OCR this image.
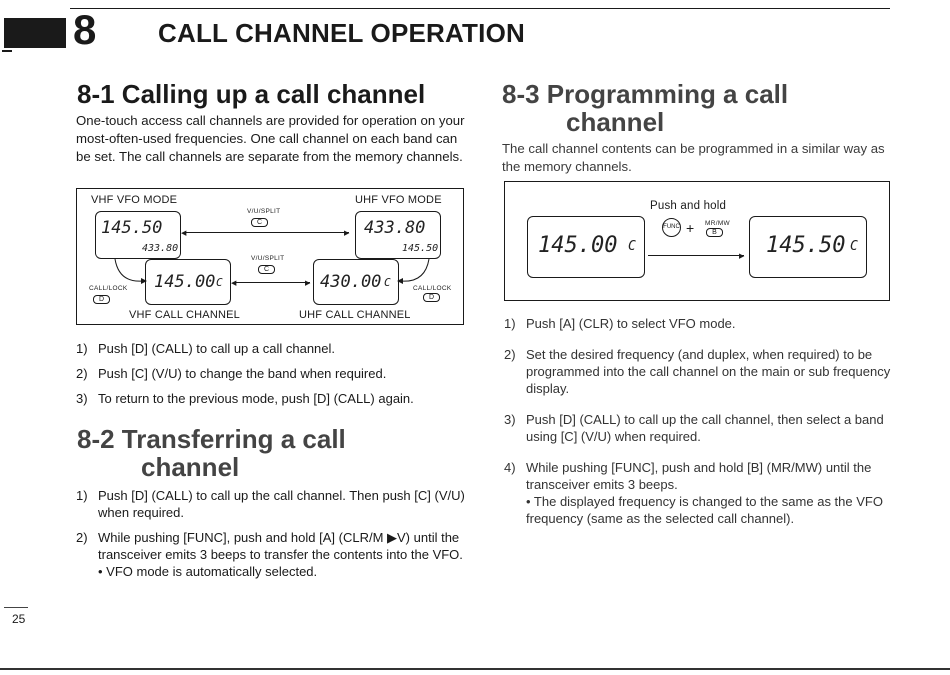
8 CALL CHANNEL OPERATION
8-1 Calling up a call channel
One-touch access call channels are provided for operation on your most-often-used frequencies. One call channel on each band can be set. The call channels are separate from the memory channels.
VHF VFO MODE	UHF VFO MODE
145.50
433.80
V/U/SPLIT
C
◀	▶ 433.80
145.50
145.00 C
V/U/SPLIT
C
◀	▶ 430.00 C
CALL/LOCK
D
CALL/LOCK
D
VHF CALL CHANNEL	UHF CALL CHANNEL
1) Push [D] (CALL) to call up a call channel.
2) Push [C] (V/U) to change the band when required.
3) To return to the previous mode, push [D] (CALL) again.
8-2 Transferring a call
channel
1) Push [D] (CALL) to call up the call channel. Then push [C] (V/U) when required.
2) While pushing [FUNC], push and hold [A] (CLR/M ▶V) until the transceiver emits 3 beeps to transfer the contents into the VFO.
• VFO mode is automatically selected.
8-3 Programming a call
channel
The call channel contents can be programmed in a similar way as the memory channels.
Push and hold
145.00 C
FUNC + MR/MW
B
▶ 145.50 C
1) Push [A] (CLR) to select VFO mode.
2) Set the desired frequency (and duplex, when required) to be programmed into the call channel on the main or sub frequency display.
3) Push [D] (CALL) to call up the call channel, then select a band using [C] (V/U) when required.
4) While pushing [FUNC], push and hold [B] (MR/MW) until the transceiver emits 3 beeps.
• The displayed frequency is changed to the same as the VFO frequency (same as the selected call channel).
25
